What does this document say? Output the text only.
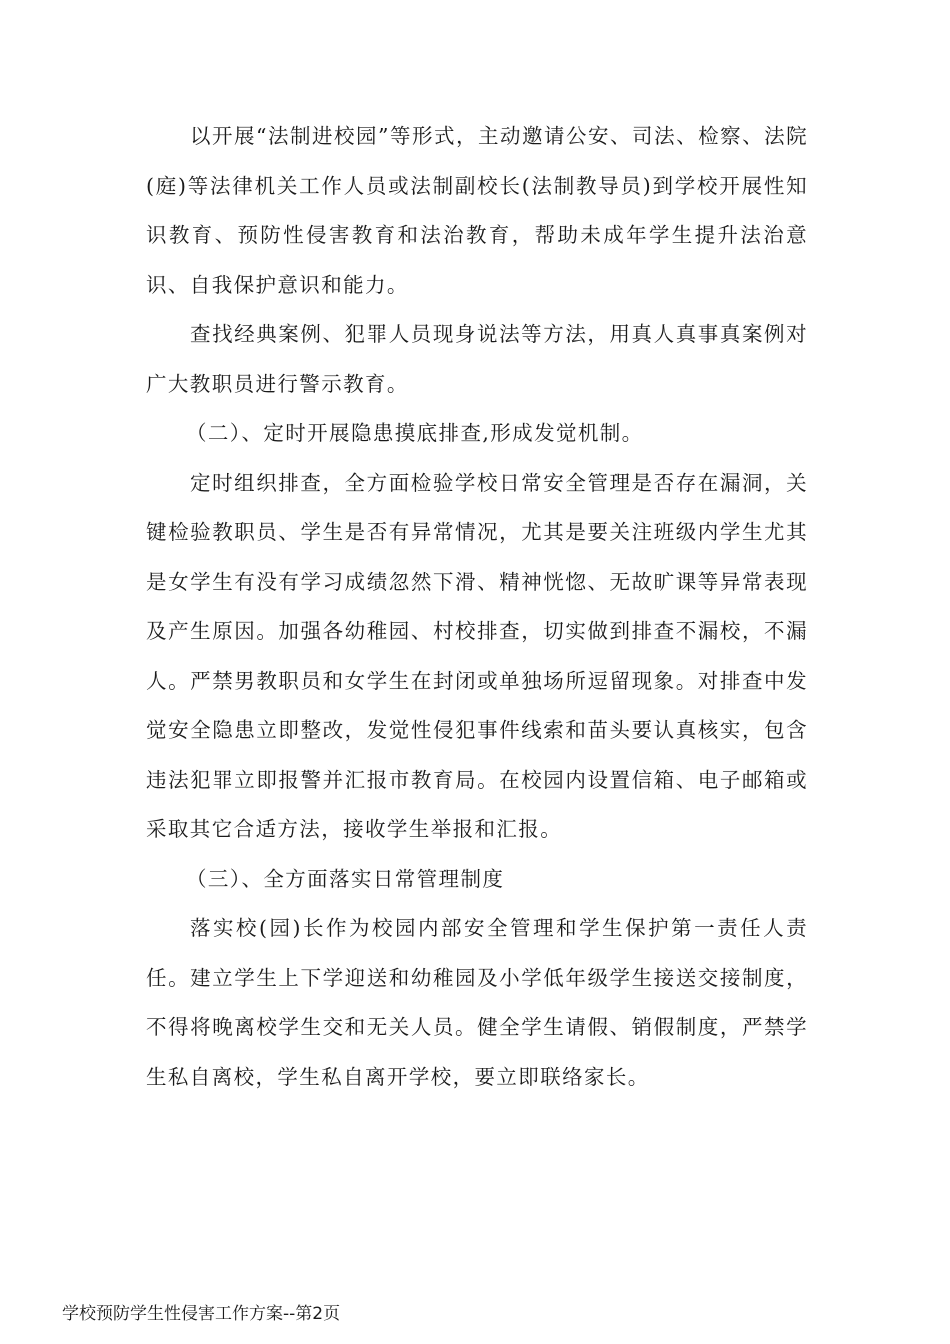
以开展“法制进校园”等形式，主动邀请公安、司法、检察、法院(庭)等法律机关工作人员或法制副校长(法制教导员)到学校开展性知识教育、预防性侵害教育和法治教育，帮助未成年学生提升法治意识、自我保护意识和能力。

查找经典案例、犯罪人员现身说法等方法，用真人真事真案例对广大教职员进行警示教育。

（二）、定时开展隐患摸底排查,形成发觉机制。

定时组织排查，全方面检验学校日常安全管理是否存在漏洞，关键检验教职员、学生是否有异常情况，尤其是要关注班级内学生尤其是女学生有没有学习成绩忽然下滑、精神恍惚、无故旷课等异常表现及产生原因。加强各幼稚园、村校排查，切实做到排查不漏校，不漏人。严禁男教职员和女学生在封闭或单独场所逗留现象。对排查中发觉安全隐患立即整改，发觉性侵犯事件线索和苗头要认真核实，包含违法犯罪立即报警并汇报市教育局。在校园内设置信箱、电子邮箱或采取其它合适方法，接收学生举报和汇报。

（三）、全方面落实日常管理制度

落实校(园)长作为校园内部安全管理和学生保护第一责任人责任。建立学生上下学迎送和幼稚园及小学低年级学生接送交接制度，不得将晚离校学生交和无关人员。健全学生请假、销假制度，严禁学生私自离校，学生私自离开学校，要立即联络家长。

学校预防学生性侵害工作方案--第2页
